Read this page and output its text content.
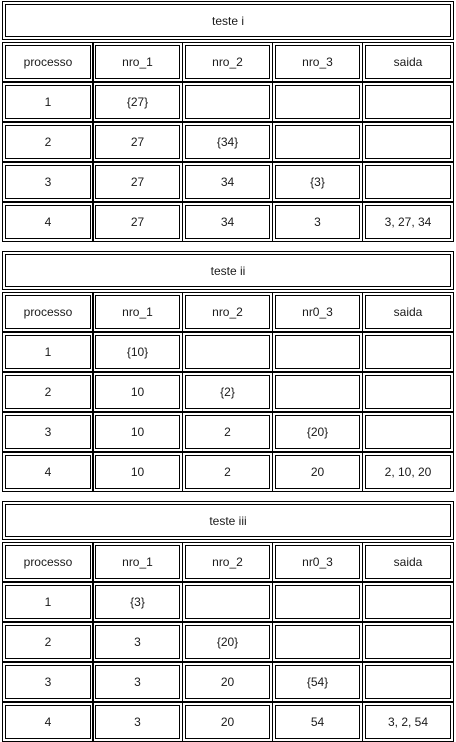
teste i
processo	nro_1	nro_2	nro_3	saida
1	{27}
2	27	{34}
3	27	34	{3}
4	27	34	3	3, 27, 34
teste ii
processo	nro_1	nro_2	nr0_3	saida
1	{10}
2	10	{2}
3	10	2	{20}
4	10	2	20	2, 10, 20
teste iii
processo	nro_1	nro_2	nr0_3	saida
1	{3}
2	3	{20}
3	3	20	{54}
4	3	20	54	3, 2, 54
